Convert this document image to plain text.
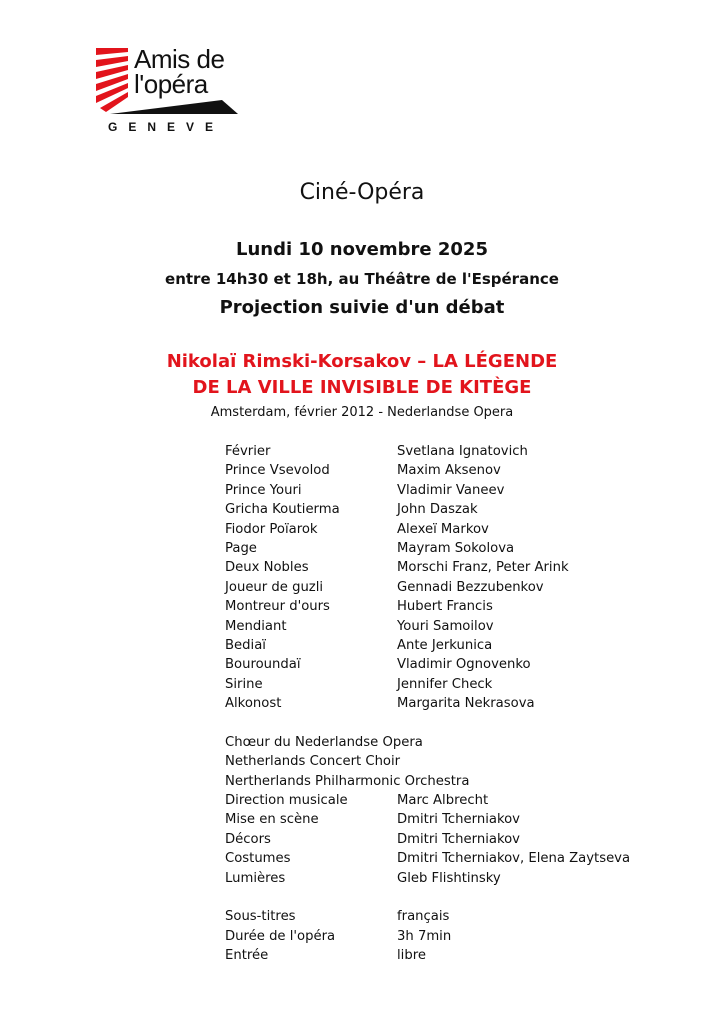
Amis de
l'opéra
GENEVE
Ciné-Opéra
Lundi 10 novembre 2025
entre 14h30 et 18h, au Théâtre de l'Espérance
Projection suivie d'un débat
Nikolaï Rimski-Korsakov – LA LÉGENDE
DE LA VILLE INVISIBLE DE KITÈGE
Amsterdam, février 2012 - Nederlandse Opera
Février	Svetlana Ignatovich
Prince Vsevolod	Maxim Aksenov
Prince Youri	Vladimir Vaneev
Gricha Koutierma	John Daszak
Fiodor Poïarok	Alexeï Markov
Page	Mayram Sokolova
Deux Nobles	Morschi Franz, Peter Arink
Joueur de guzli	Gennadi Bezzubenkov
Montreur d'ours	Hubert Francis
Mendiant	Youri Samoilov
Bediaï	Ante Jerkunica
Bouroundaï	Vladimir Ognovenko
Sirine	Jennifer Check
Alkonost	Margarita Nekrasova
Chœur du Nederlandse Opera
Netherlands Concert Choir
Nertherlands Philharmonic Orchestra
Direction musicale	Marc Albrecht
Mise en scène	Dmitri Tcherniakov
Décors	Dmitri Tcherniakov
Costumes	Dmitri Tcherniakov, Elena Zaytseva
Lumières	Gleb Flishtinsky
Sous-titres	français
Durée de l'opéra	3h 7min
Entrée	libre
